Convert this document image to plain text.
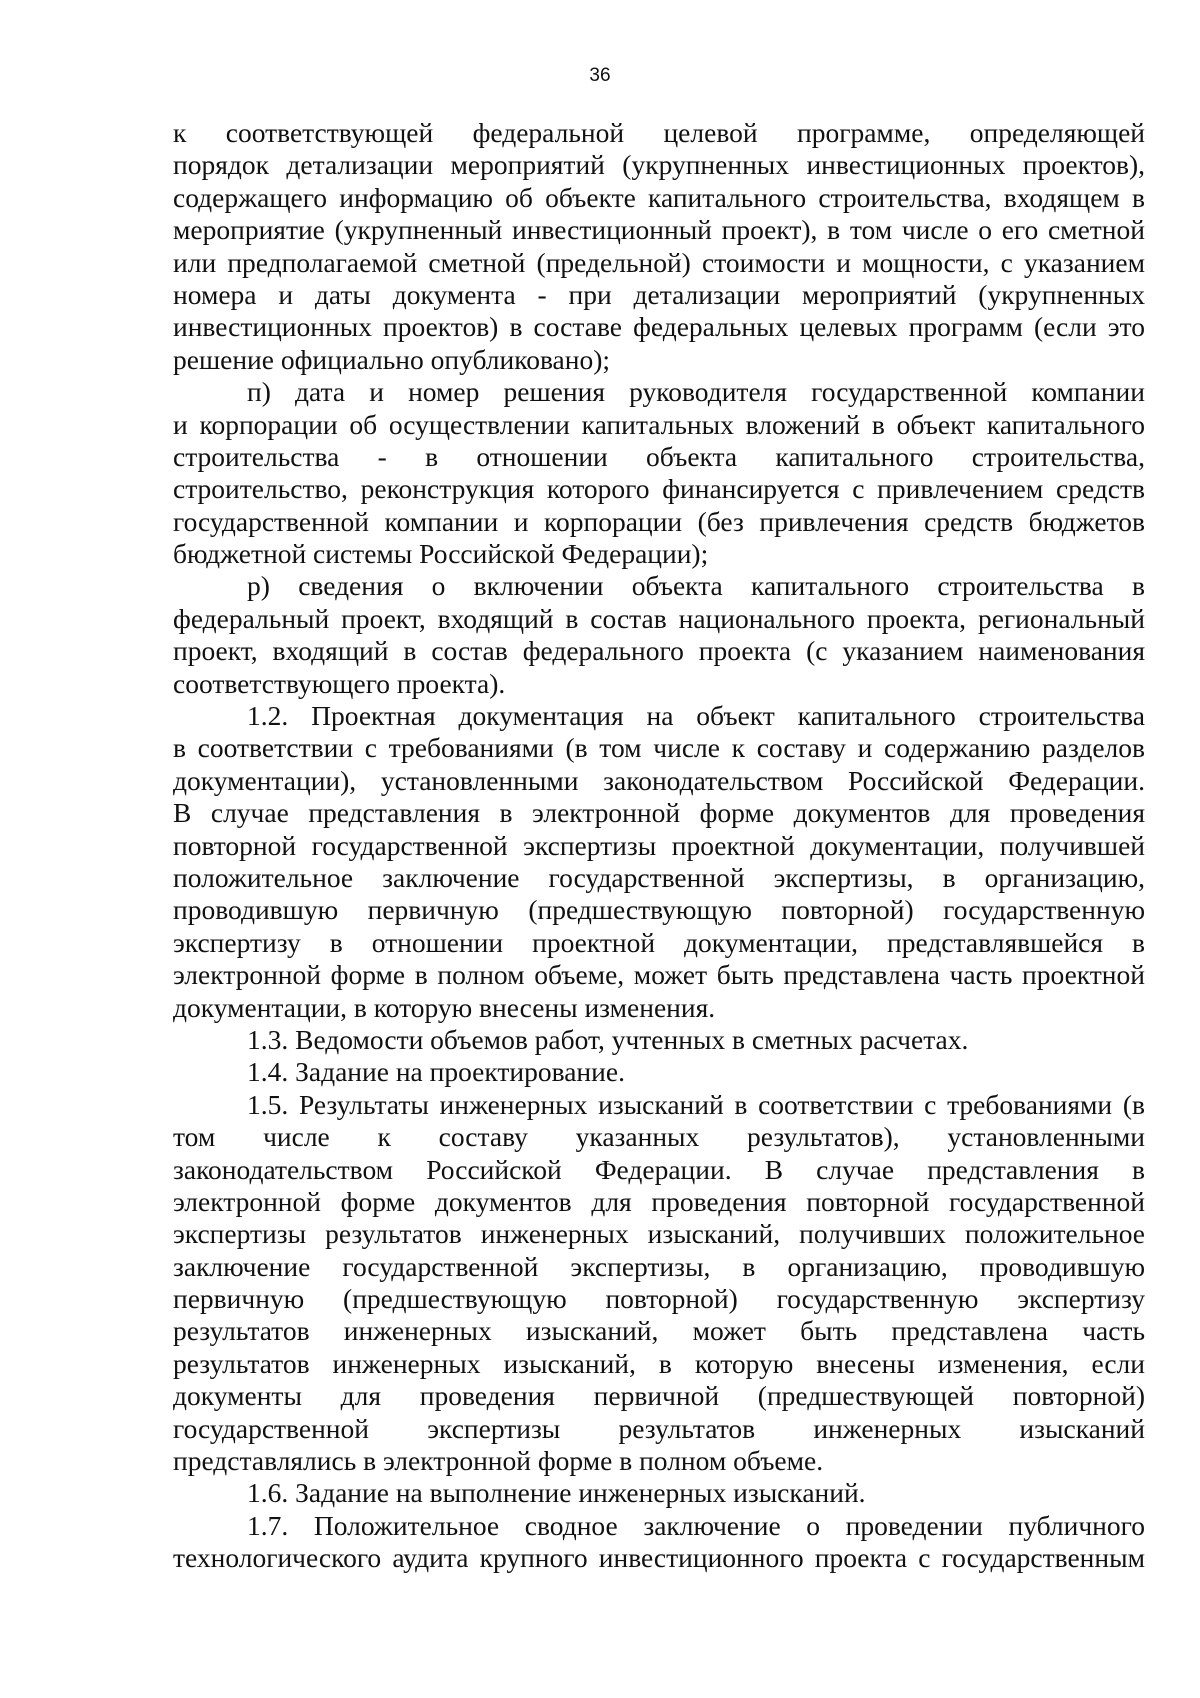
36
к соответствующей федеральной целевой программе, определяющей
порядок детализации мероприятий (укрупненных инвестиционных проектов),
содержащего информацию об объекте капитального строительства, входящем в
мероприятие (укрупненный инвестиционный проект), в том числе о его сметной
или предполагаемой сметной (предельной) стоимости и мощности, с указанием
номера и даты документа - при детализации мероприятий (укрупненных
инвестиционных проектов) в составе федеральных целевых программ (если это
решение официально опубликовано);
п) дата и номер решения руководителя государственной компании
и корпорации об осуществлении капитальных вложений в объект капитального
строительства - в отношении объекта капитального строительства,
строительство, реконструкция которого финансируется с привлечением средств
государственной компании и корпорации (без привлечения средств бюджетов
бюджетной системы Российской Федерации);
р) сведения о включении объекта капитального строительства в
федеральный проект, входящий в состав национального проекта, региональный
проект, входящий в состав федерального проекта (с указанием наименования
соответствующего проекта).
1.2. Проектная документация на объект капитального строительства
в соответствии с требованиями (в том числе к составу и содержанию разделов
документации), установленными законодательством Российской Федерации.
В случае представления в электронной форме документов для проведения
повторной государственной экспертизы проектной документации, получившей
положительное заключение государственной экспертизы, в организацию,
проводившую первичную (предшествующую повторной) государственную
экспертизу в отношении проектной документации, представлявшейся в
электронной форме в полном объеме, может быть представлена часть проектной
документации, в которую внесены изменения.
1.3. Ведомости объемов работ, учтенных в сметных расчетах.
1.4. Задание на проектирование.
1.5. Результаты инженерных изысканий в соответствии с требованиями (в
том числе к составу указанных результатов), установленными
законодательством Российской Федерации. В случае представления в
электронной форме документов для проведения повторной государственной
экспертизы результатов инженерных изысканий, получивших положительное
заключение государственной экспертизы, в организацию, проводившую
первичную (предшествующую повторной) государственную экспертизу
результатов инженерных изысканий, может быть представлена часть
результатов инженерных изысканий, в которую внесены изменения, если
документы для проведения первичной (предшествующей повторной)
государственной экспертизы результатов инженерных изысканий
представлялись в электронной форме в полном объеме.
1.6. Задание на выполнение инженерных изысканий.
1.7. Положительное сводное заключение о проведении публичного
технологического аудита крупного инвестиционного проекта с государственным
